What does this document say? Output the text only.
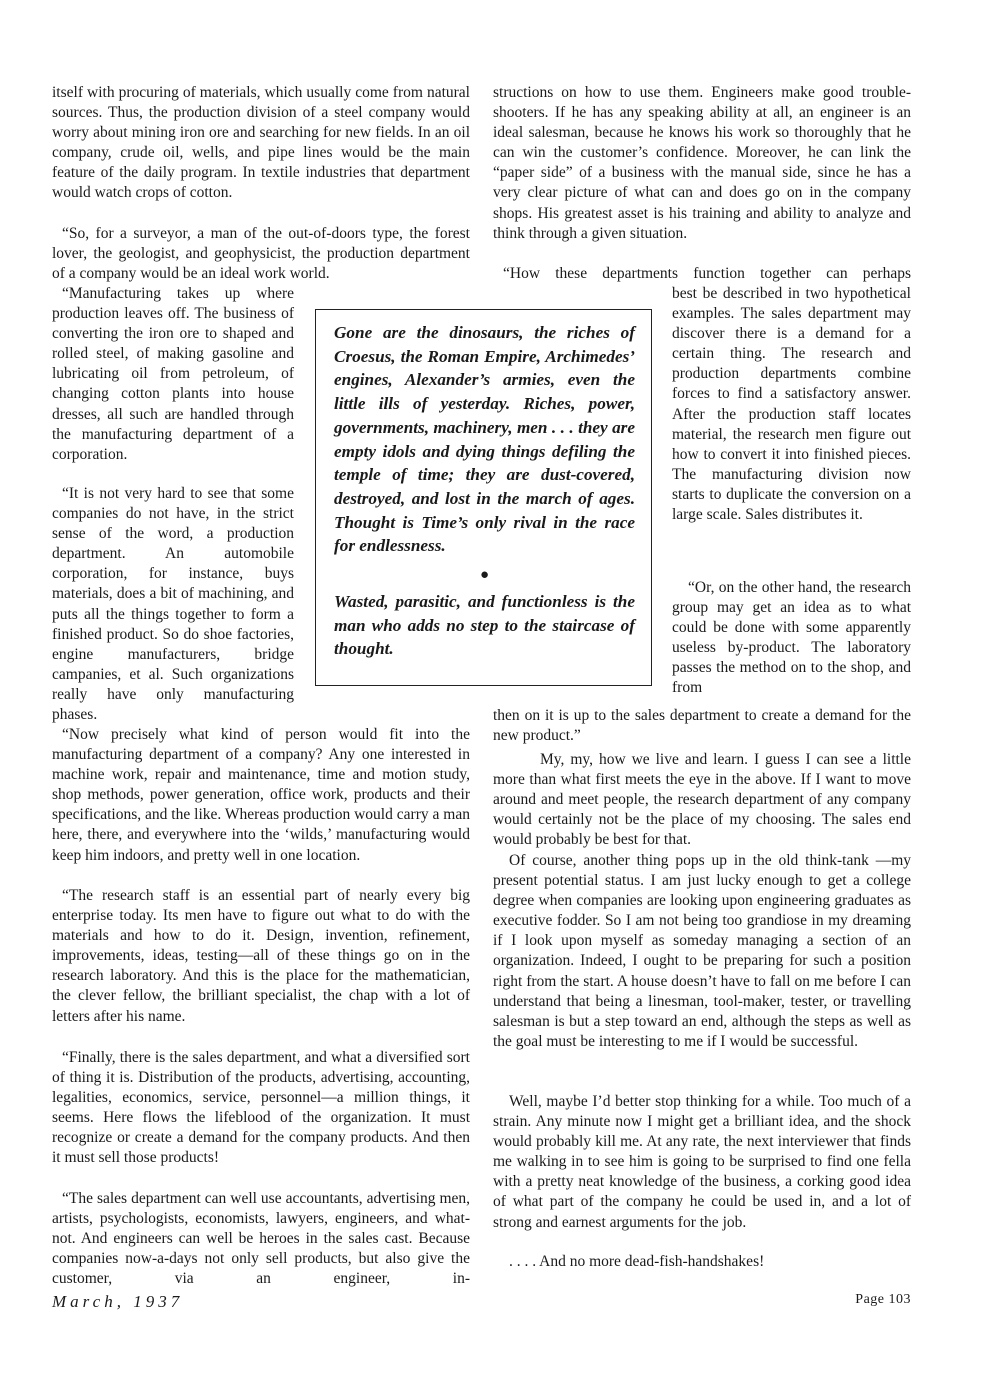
itself with procuring of materials, which usually come from natural sources. Thus, the production division of a steel company would worry about mining iron ore and searching for new fields. In an oil company, crude oil, wells, and pipe lines would be the main feature of the daily program. In textile industries that department would watch crops of cotton.

“So, for a surveyor, a man of the out-of-doors type, the forest lover, the geologist, and geophysicist, the production department of a company would be an ideal work world.

“Manufacturing takes up where production leaves off. The business of converting the iron ore to shaped and rolled steel, of making gasoline and lubricating oil from petroleum, of changing cotton plants into house dresses, all such are handled through the manufacturing department of a corporation.

“It is not very hard to see that some companies do not have, in the strict sense of the word, a production department. An automobile corporation, for instance, buys materials, does a bit of machining, and puts all the things together to form a finished product. So do shoe factories, engine manufacturers, bridge campanies, et al. Such organizations really have only manufacturing phases.

“Now precisely what kind of person would fit into the manufacturing department of a company? Any one interested in machine work, repair and maintenance, time and motion study, shop methods, power generation, office work, products and their specifications, and the like. Whereas production would carry a man here, there, and everywhere into the ‘wilds,’ manufacturing would keep him indoors, and pretty well in one location.

“The research staff is an essential part of nearly every big enterprise today. Its men have to figure out what to do with the materials and how to do it. Design, invention, refinement, improvements, ideas, testing—all of these things go on in the research laboratory. And this is the place for the mathematician, the clever fellow, the brilliant specialist, the chap with a lot of letters after his name.

“Finally, there is the sales department, and what a diversified sort of thing it is. Distribution of the products, advertising, accounting, legalities, economics, service, personnel—a million things, it seems. Here flows the lifeblood of the organization. It must recognize or create a demand for the company products. And then it must sell those products!

“The sales department can well use accountants, advertising men, artists, psychologists, economists, lawyers, engineers, and what-not. And engineers can well be heroes in the sales cast. Because companies now-a-days not only sell products, but also give the customer, via an engineer, in-

structions on how to use them. Engineers make good trouble-shooters. If he has any speaking ability at all, an engineer is an ideal salesman, because he knows his work so thoroughly that he can win the customer’s confidence. Moreover, he can link the “paper side” of a business with the manual side, since he has a very clear picture of what can and does go on in the company shops. His greatest asset is his training and ability to analyze and think through a given situation.

“How these departments function together can perhaps

best be described in two hypothetical examples. The sales department may discover there is a demand for a certain thing. The research and production departments combine forces to find a satisfactory answer. After the production staff locates material, the research men figure out how to convert it into finished pieces. The manufacturing division now starts to duplicate the conversion on a large scale. Sales distributes it.

“Or, on the other hand, the research group may get an idea as to what could be done with some apparently useless by-product. The laboratory passes the method on to the shop, and from

then on it is up to the sales department to create a demand for the new product.”

My, my, how we live and learn. I guess I can see a little more than what first meets the eye in the above. If I want to move around and meet people, the research department of any company would certainly not be the place of my choosing. The sales end would probably be best for that.

Of course, another thing pops up in the old think-tank —my present potential status. I am just lucky enough to get a college degree when companies are looking upon engineering graduates as executive fodder. So I am not being too grandiose in my dreaming if I look upon myself as someday managing a section of an organization. Indeed, I ought to be preparing for such a position right from the start. A house doesn’t have to fall on me before I can understand that being a linesman, tool-maker, tester, or travelling salesman is but a step toward an end, although the steps as well as the goal must be interesting to me if I would be successful.

Well, maybe I’d better stop thinking for a while. Too much of a strain. Any minute now I might get a brilliant idea, and the shock would probably kill me. At any rate, the next interviewer that finds me walking in to see him is going to be surprised to find one fella with a pretty neat knowledge of the business, a corking good idea of what part of the company he could be used in, and a lot of strong and earnest arguments for the job.

. . . . And no more dead-fish-handshakes!

Gone are the dinosaurs, the riches of Croesus, the Roman Empire, Archimedes’ engines, Alexander’s armies, even the little ills of yesterday. Riches, power, governments, machinery, men . . . they are empty idols and dying things defiling the temple of time; they are dust-covered, destroyed, and lost in the march of ages. Thought is Time’s only rival in the race for endlessness.

●

Wasted, parasitic, and functionless is the man who adds no step to the staircase of thought.

March, 1937	Page 103
